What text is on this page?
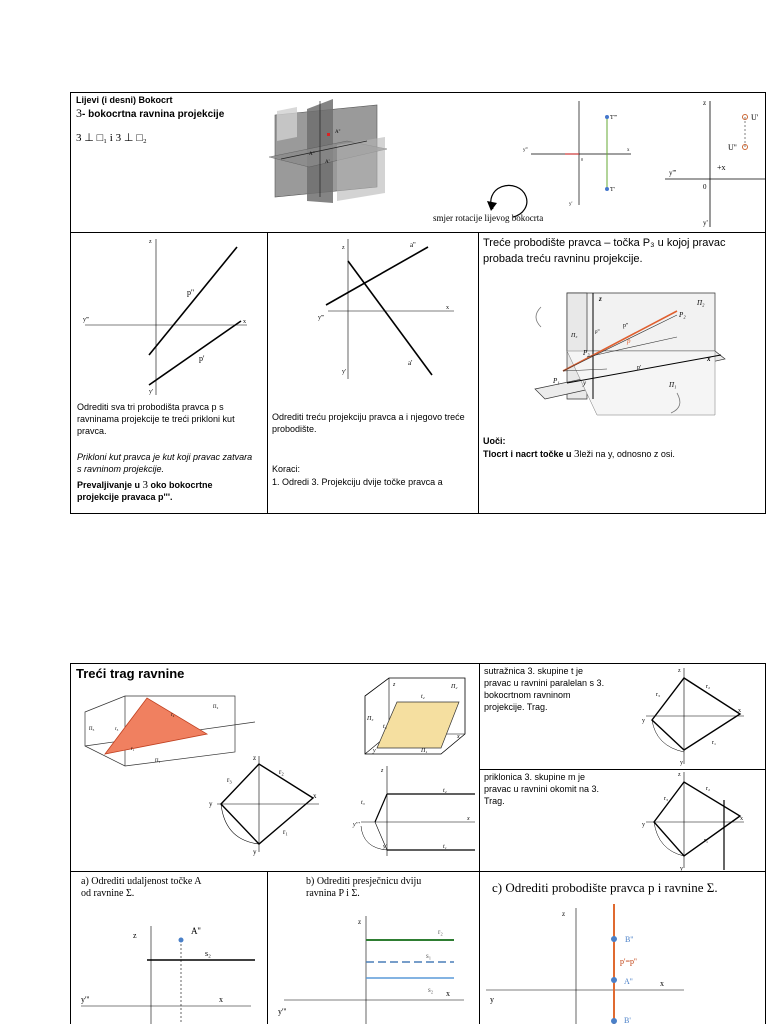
Lijevi (i desni) Bokocrt
3- bokocrtna ravnina projekcije
3 ⊥ □₁ i 3 ⊥ □₂	A''
A'''
A'
smjer rotacije lijevog bokocrta
T'''
T'
y'''	x
y'
0
U'
U''
y'''
z
y'
0
+x
z
y'''	x
p''
p'
y'
Odrediti sva tri probodišta pravca p s ravninama projekcije te treći prikloni kut pravca.
Prikloni kut pravca je kut koji pravac zatvara s ravninom projekcije.
Prevaljivanje u 3 oko bokocrtne projekcije pravaca p'''.
z	a''
x
y'''
y'
a'
Odrediti treću projekciju pravca a i njegovo treće probodište.
Koraci:
1. Odredi 3. Projekciju dvije točke pravca a
Treće probodište pravca – točka P₃ u kojoj pravac probada treću ravninu projekcije.
z	Π₂
Π₃
p'''
p''
p
P₂
P₃
P₁	y
x
p'
Π₁
Uoči:
Tlocrt i nacrt točke u 3leži na y, odnosno z osi.
Treći trag ravnine
Π₃
Π₂
Π₁
r₃
r₂
r₁
z
r₂
r₃
x
y
r₁
y
z	Π₂
Π₃
t₂
t₃
x
y	Π₁
z
t₂
t₃
y'''
x
y'	t₁
sutražnica 3. skupine t je pravac u ravnini paralelan s 3. bokocrtnom ravninom projekcije. Trag.
z
r₂
r₃
x
y
r₁
y
priklonica 3. skupine m je pravac u ravnini okomit na 3. Trag.
z
r₂
r₃
x
y
r₁
y
a) Odrediti udaljenost točke A od ravnine Σ.
z	A''
s₂
y'''	x
b) Odrediti presječnicu dviju ravnina P i Σ.
z
r₂
s₁
s₂ x
y'''
c) Odrediti probodište pravca p i ravnine Σ.
z
B''
p'=p''
A''	x
y
B'
